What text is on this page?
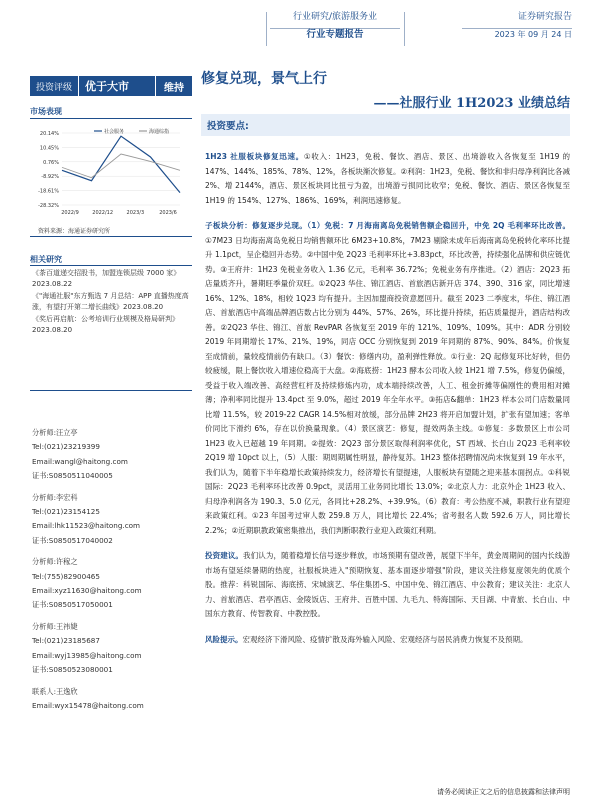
行业研究/旅游服务业
行业专题报告
证券研究报告
2023 年 09 月 24 日
投资评级	优于大市	维持
修复兑现，景气上行
——社服行业 1H2023 业绩总结
市场表现
20.14%
10.45%
0.76%
-8.92%
-18.61%
-28.32%
2022/9	2022/12	2023/3	2023/6
社会服务	海通综指
资料来源：海通证券研究所
相关研究
《茶百道递交招股书，加盟连锁层级 7000 家》2023.08.22
《"海通社服"东方甄选 7 月总结：APP 直播热度高涨，有望打开第二增长曲线》2023.08.20
《奖后再启航：公考培训行业规模及格局研判》2023.08.20
分析师:汪立亭
Tel:(021)23219399
Email:wangl@haitong.com
证书:S0850511040005
分析师:李宏科
Tel:(021)23154125
Email:lhk11523@haitong.com
证书:S0850517040002
分析师:许稼之
Tel:(755)82900465
Email:xyz11630@haitong.com
证书:S0850517050001
分析师:王祎婕
Tel:(021)23185687
Email:wyj13985@haitong.com
证书:S0850523080001
联系人:王逸欣
Email:wyx15478@haitong.com
投资要点:
1H23 社服板块修复迅速。①收入：1H23，免税、餐饮、酒店、景区、出境游收入各恢复至 1H19 的 147%、144%、185%、78%、12%，各板块渐次修复。②利润：1H23，免税、餐饮和非归母净利润比各减 2%、增 2144%，酒店、景区板块同比扭亏为盈，出境游亏损同比收窄；免税、餐饮、酒店、景区各恢复至 1H19 的 154%、127%、186%、169%，利润迅速修复。
子板块分析：修复逐步兑现。（1）免税：7 月海南离岛免税销售额企稳回升，中免 2Q 毛利率环比改善。①7M23 日均海南离岛免税日均销售额环比 6M23+10.8%，7M23 剔除未成年后海南离岛免税转化率环比提升 1.1pct，呈企稳回升态势。②中国中免 2Q23 毛利率环比+3.83pct，环比改善，持续强化品牌和供应链优势。③王府井：1H23 免税业务收入 1.36 亿元，毛利率 36.72%；免税业务有序推进。（2）酒店：2Q23 拓店量质齐升，暑期旺季量价双旺。①2Q23 华住、锦江酒店、首旅酒店新开店 374、390、316 家，同比增速 16%、12%、18%，相较 1Q23 均有提升。主因加盟商投资意愿回升。截至 2023 二季度末，华住、锦江酒店、首旅酒店中高端品牌酒店数占比分别为 44%、57%、26%，环比提升持续，拓店质量提升，酒店结构改善。②2Q23 华住、锦江、首旅 RevPAR 各恢复至 2019 年的 121%、109%、109%。其中：ADR 分别较 2019 年同期增长 17%、21%、19%，同店 OCC 分别恢复到 2019 年同期的 87%、90%、84%。价恢复至成情前，量较疫情前仍有缺口。（3）餐饮：修缮内功，盈利弹性释放。①行业：2Q 起修复环比好转，但仍较疲缓，限上餐饮收入增速位稳高于大盘。②海底捞：1H23 酵本公司收入较 1H21 增 7.5%，修复仍偏缓，受益于收入端改善、高经营杠杆及持续修炼内功，成本端持续改善，人工、租金折摊等偏刚性的费用相对摊薄；净利率同比提升 13.4pct 至 9.0%，超过 2019 年全年水平。③拓店&翻单：1H23 样本公司门店数量同比增 11.5%，较 2019-22 CAGR 14.5%相对放缓，部分品牌 2H23 将开启加盟计划，扩张有望加速；客单价同比下滑约 6%，存在以价换量现象。（4）景区演艺：修复，提效两条主线。①修复：多数景区上市公司 1H23 收入已超越 19 年同期。②提效：2Q23 部分景区取得利润率优化，ST 西域、长白山 2Q23 毛利率较 2Q19 增 10pct 以上，（5）人服：期周期属性明显，静待复苏。1H23 整体招聘情况尚未恢复到 19 年水平，我们认为，随着下半年稳增长政策持续发力，经济增长有望提速，人服板块有望随之迎来基本面拐点。①科锐国际：2Q23 毛利率环比改善 0.9pct，灵活用工业务同比增长 13.0%；②北京人力：北京外企 1H23 收入、归母净利润各为 190.3、5.0 亿元，各同比+28.2%、+39.9%。（6）教育：考公热度不减，职教行业有望迎来政策红利。①23 年国考过审人数 259.8 万人，同比增长 22.4%；省考报名人数 592.6 万人，同比增长 2.2%；②近期职教政策密集推出，我们判断职教行业迎入政策红利期。
投资建议。我们认为，随着稳增长信号逐步释放，市场预期有望改善，展望下半年，黄金周期间的国内长线游市场有望延续暑期的热度，社服板块进入"预期恢复、基本面逐步增强"阶段，建议关注修复度领先的优质个股。推荐：科锐国际、海底捞、宋城演艺、华住集团-S、中国中免、锦江酒店、中公教育；建议关注：北京人力、首旅酒店、君亭酒店、金陵饭店、王府井、百胜中国、九毛九、特海国际、天目湖、中青旅、长白山、中国东方教育、传智教育、中教控股。
风险提示。宏观经济下滑风险、疫情扩散及海外输入风险、宏观经济与居民消费力恢复不及预期。
请务必阅读正文之后的信息披露和法律声明
